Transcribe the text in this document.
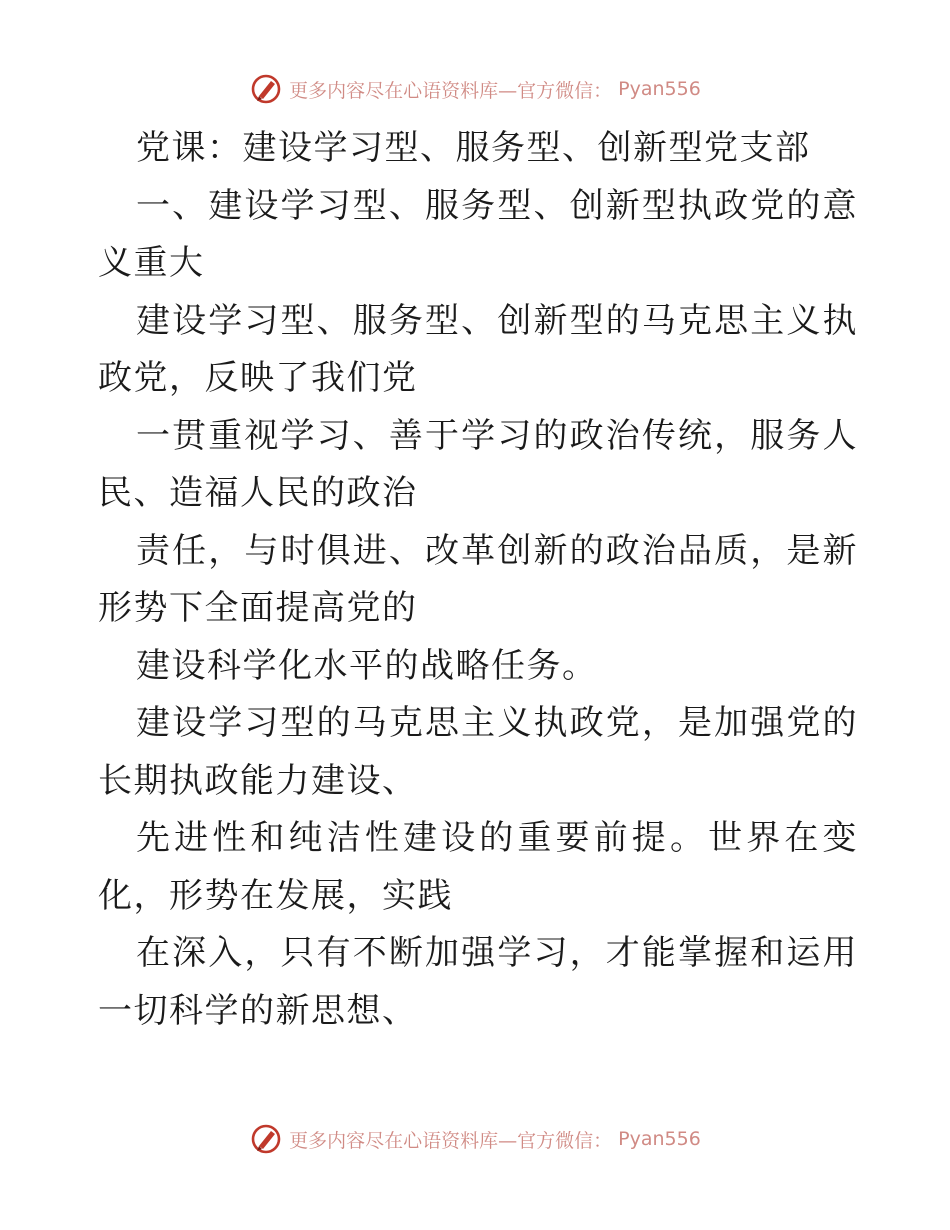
更多内容尽在心语资料库—官方微信： Pyan556

党课：建设学习型、服务型、创新型党支部

一、建设学习型、服务型、创新型执政党的意义重大

建设学习型、服务型、创新型的马克思主义执政党，反映了我们党

一贯重视学习、善于学习的政治传统，服务人民、造福人民的政治

责任，与时俱进、改革创新的政治品质，是新形势下全面提高党的

建设科学化水平的战略任务。

建设学习型的马克思主义执政党，是加强党的长期执政能力建设、

先进性和纯洁性建设的重要前提。世界在变化，形势在发展，实践

在深入，只有不断加强学习，才能掌握和运用一切科学的新思想、

更多内容尽在心语资料库—官方微信： Pyan556
